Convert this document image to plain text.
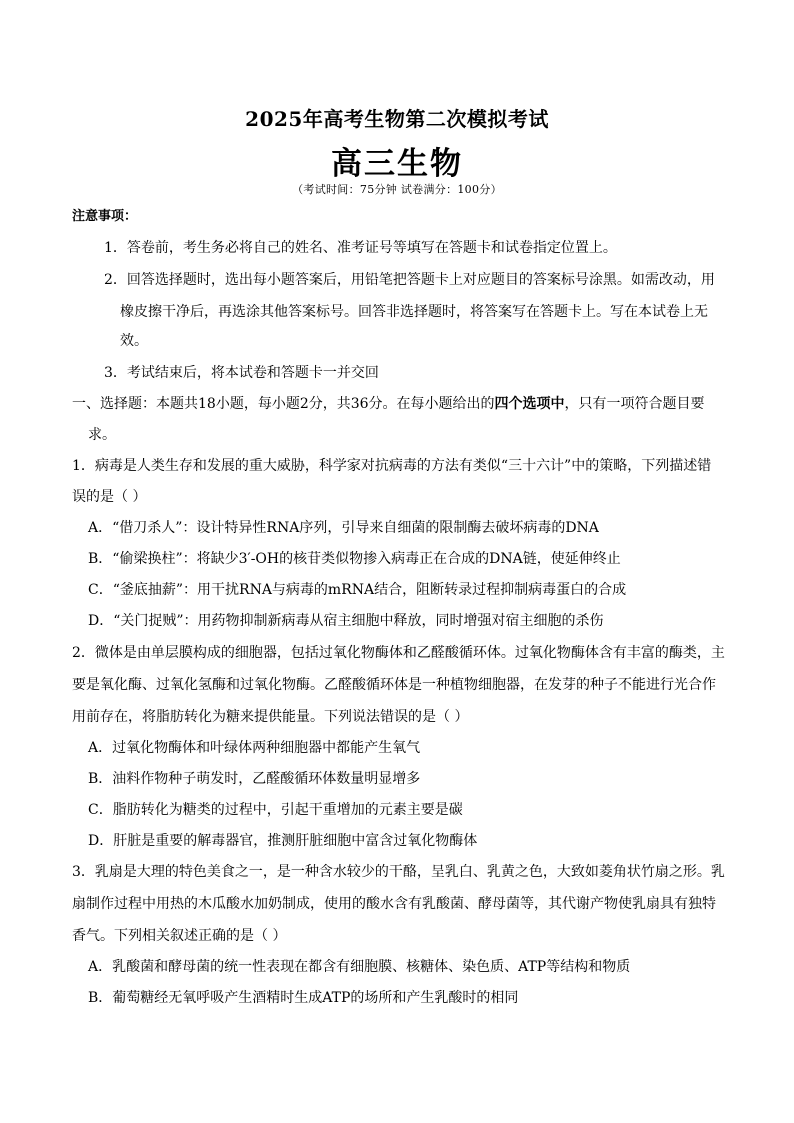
2025年高考生物第二次模拟考试
高三生物
（考试时间：75分钟 试卷满分：100分）
注意事项：
1．答卷前，考生务必将自己的姓名、准考证号等填写在答题卡和试卷指定位置上。
2．回答选择题时，选出每小题答案后，用铅笔把答题卡上对应题目的答案标号涂黑。如需改动，用
橡皮擦干净后，再选涂其他答案标号。回答非选择题时，将答案写在答题卡上。写在本试卷上无
效。
3．考试结束后，将本试卷和答题卡一并交回
一、选择题：本题共18小题，每小题2分，共36分。在每小题给出的四个选项中，只有一项符合题目要
求。
1．病毒是人类生存和发展的重大威胁，科学家对抗病毒的方法有类似“三十六计”中的策略，下列描述错
误的是（ ）
A．“借刀杀人”：设计特异性RNA序列，引导来自细菌的限制酶去破坏病毒的DNA
B．“偷梁换柱”：将缺少3′-OH的核苷类似物掺入病毒正在合成的DNA链，使延伸终止
C．“釜底抽薪”：用干扰RNA与病毒的mRNA结合，阻断转录过程抑制病毒蛋白的合成
D．“关门捉贼”：用药物抑制新病毒从宿主细胞中释放，同时增强对宿主细胞的杀伤
2．微体是由单层膜构成的细胞器，包括过氧化物酶体和乙醛酸循环体。过氧化物酶体含有丰富的酶类，主
要是氧化酶、过氧化氢酶和过氧化物酶。乙醛酸循环体是一种植物细胞器，在发芽的种子不能进行光合作
用前存在，将脂肪转化为糖来提供能量。下列说法错误的是（ ）
A．过氧化物酶体和叶绿体两种细胞器中都能产生氧气
B．油料作物种子萌发时，乙醛酸循环体数量明显增多
C．脂肪转化为糖类的过程中，引起干重增加的元素主要是碳
D．肝脏是重要的解毒器官，推测肝脏细胞中富含过氧化物酶体
3．乳扇是大理的特色美食之一，是一种含水较少的干酪，呈乳白、乳黄之色，大致如菱角状竹扇之形。乳
扇制作过程中用热的木瓜酸水加奶制成，使用的酸水含有乳酸菌、酵母菌等，其代谢产物使乳扇具有独特
香气。下列相关叙述正确的是（ ）
A．乳酸菌和酵母菌的统一性表现在都含有细胞膜、核糖体、染色质、ATP等结构和物质
B．葡萄糖经无氧呼吸产生酒精时生成ATP的场所和产生乳酸时的相同
